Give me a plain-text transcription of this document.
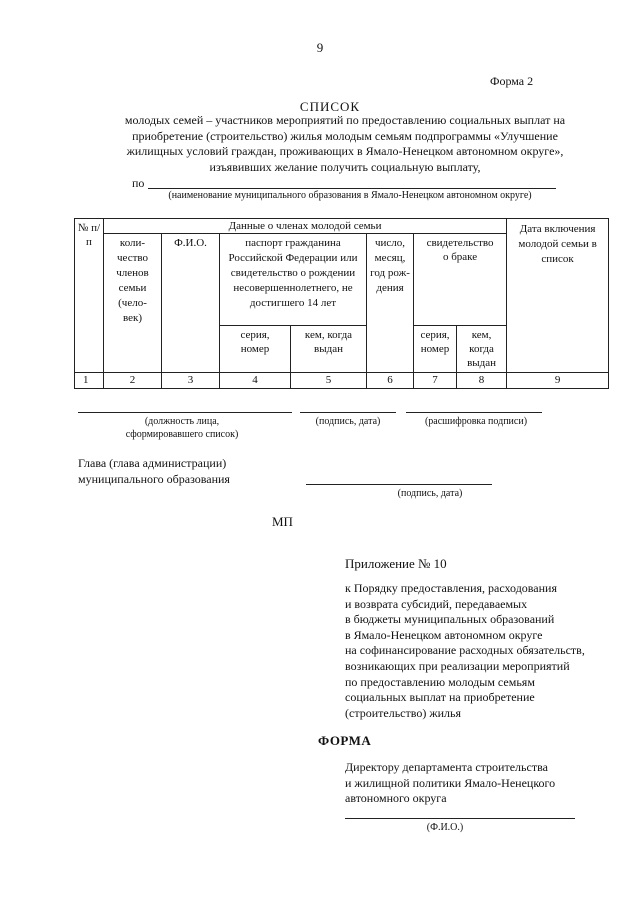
9
Форма 2
СПИСОК
молодых семей – участников мероприятий по предоставлению социальных выплат на приобретение (строительство) жилья молодым семьям подпрограммы «Улучшение жилищных условий граждан, проживающих в Ямало-Ненецком автономном округе», изъявивших желание получить социальную выплату,
по
(наименование муниципального образования в Ямало-Ненецком автономном округе)
№ п/п	Данные о членах молодой семьи							Дата включения молодой семьи в список
	коли-чество членов семьи (чело-век)	Ф.И.О.	паспорт гражданина Российской Федерации или свидетельство о рождении несовершеннолетнего, не достигшего 14 лет		число, месяц, год рож-дения	свидетельство о браке		
			серия, номер	кем, когда выдан		серия, номер	кем, когда выдан	
1	2	3	4	5	6	7	8	9
(должность лица, сформировавшего список)
(подпись, дата)	(расшифровка подписи)
Глава (глава администрации)
муниципального образования
(подпись, дата)
МП
Приложение № 10
к Порядку предоставления, расходования
и возврата субсидий, передаваемых
в бюджеты муниципальных образований
в Ямало-Ненецком автономном округе
на софинансирование расходных обязательств,
возникающих при реализации мероприятий
по предоставлению молодым семьям
социальных выплат на приобретение
(строительство) жилья
ФОРМА
Директору департамента строительства
и жилищной политики Ямало-Ненецкого
автономного округа
(Ф.И.О.)
